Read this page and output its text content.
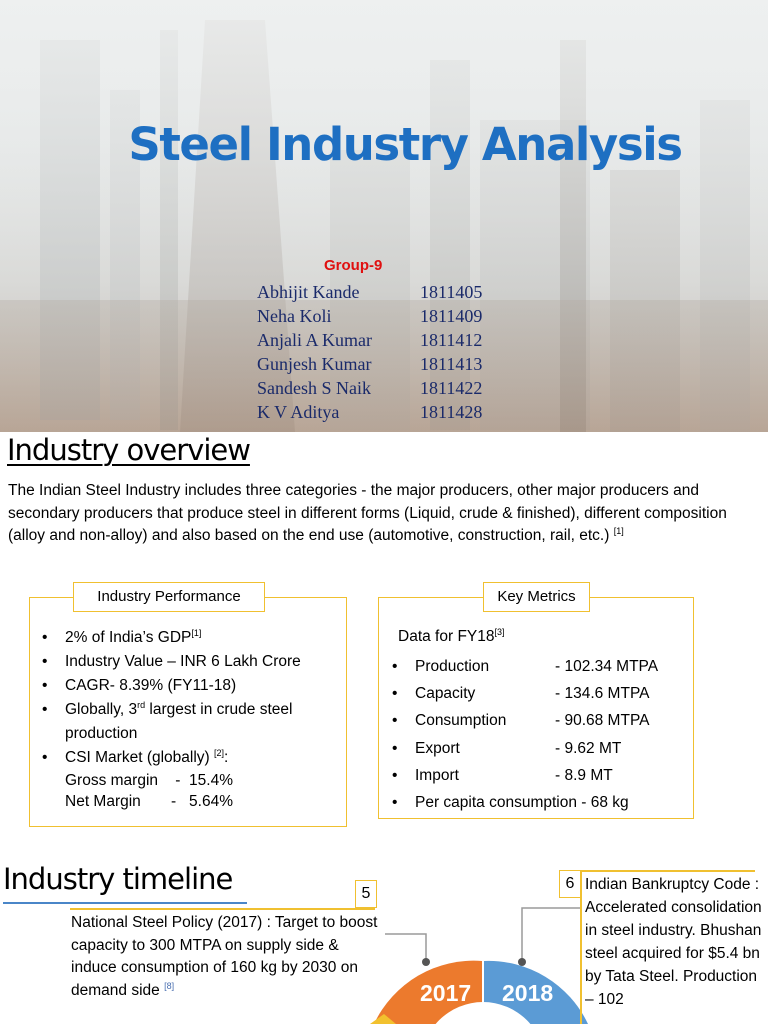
Steel Industry Analysis
Group-9
Abhijit Kande	1811405
Neha Koli	1811409
Anjali A Kumar	1811412
Gunjesh Kumar	1811413
Sandesh S Naik	1811422
K V Aditya	1811428
Industry overview

The Indian Steel Industry includes three categories - the major producers, other major producers and secondary producers that produce steel in different forms (Liquid, crude & finished), different composition (alloy and non-alloy) and also based on the end use (automotive, construction, rail, etc.) [1]

• 2% of India’s GDP[1]
• Industry Value – INR 6 Lakh Crore
• CAGR- 8.39% (FY11-18)
• Globally, 3rd largest in crude steel production
• CSI Market (globally) [2]:
Gross margin    -  15.4%
Net Margin       -   5.64%
Industry Performance
Data for FY18[3]
• Production	- 102.34 MTPA
• Capacity	- 134.6 MTPA
• Consumption	- 90.68 MTPA
• Export	- 9.62 MT
• Import	- 8.9 MT
• Per capita consumption - 68 kg
Key Metrics
Industry timeline	5

National Steel Policy (2017) : Target to boost capacity to 300 MTPA on supply side & induce consumption of 160 kg by 2030 on demand side [8]

6 Indian Bankruptcy Code : Accelerated consolidation in steel industry. Bhushan steel acquired for $5.4 bn by Tata Steel. Production – 102

2017 2018
